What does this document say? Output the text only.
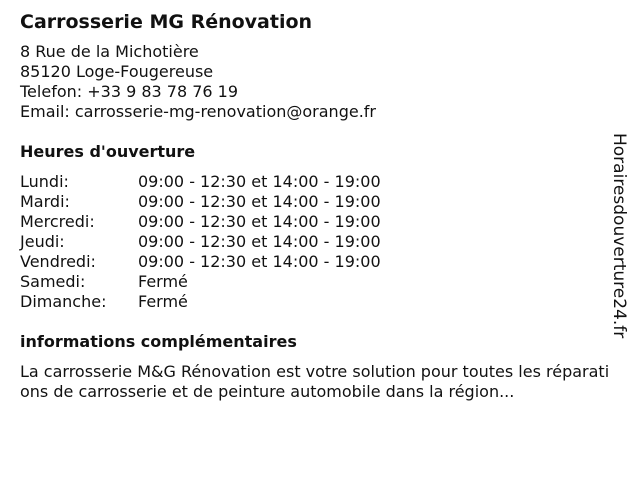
Carrosserie MG Rénovation
8 Rue de la Michotière
85120 Loge-Fougereuse
Telefon: +33 9 83 78 76 19
Email: carrosserie-mg-renovation@orange.fr
Heures d'ouverture
Lundi:	09:00 - 12:30 et 14:00 - 19:00
Mardi:	09:00 - 12:30 et 14:00 - 19:00
Mercredi:	09:00 - 12:30 et 14:00 - 19:00
Jeudi:	09:00 - 12:30 et 14:00 - 19:00
Vendredi:	09:00 - 12:30 et 14:00 - 19:00
Samedi:	Fermé
Dimanche:	Fermé
informations complémentaires
La carrosserie M&G Rénovation est votre solution pour toutes les réparations de carrosserie et de peinture automobile dans la région...
Horairesdouverture24.fr
